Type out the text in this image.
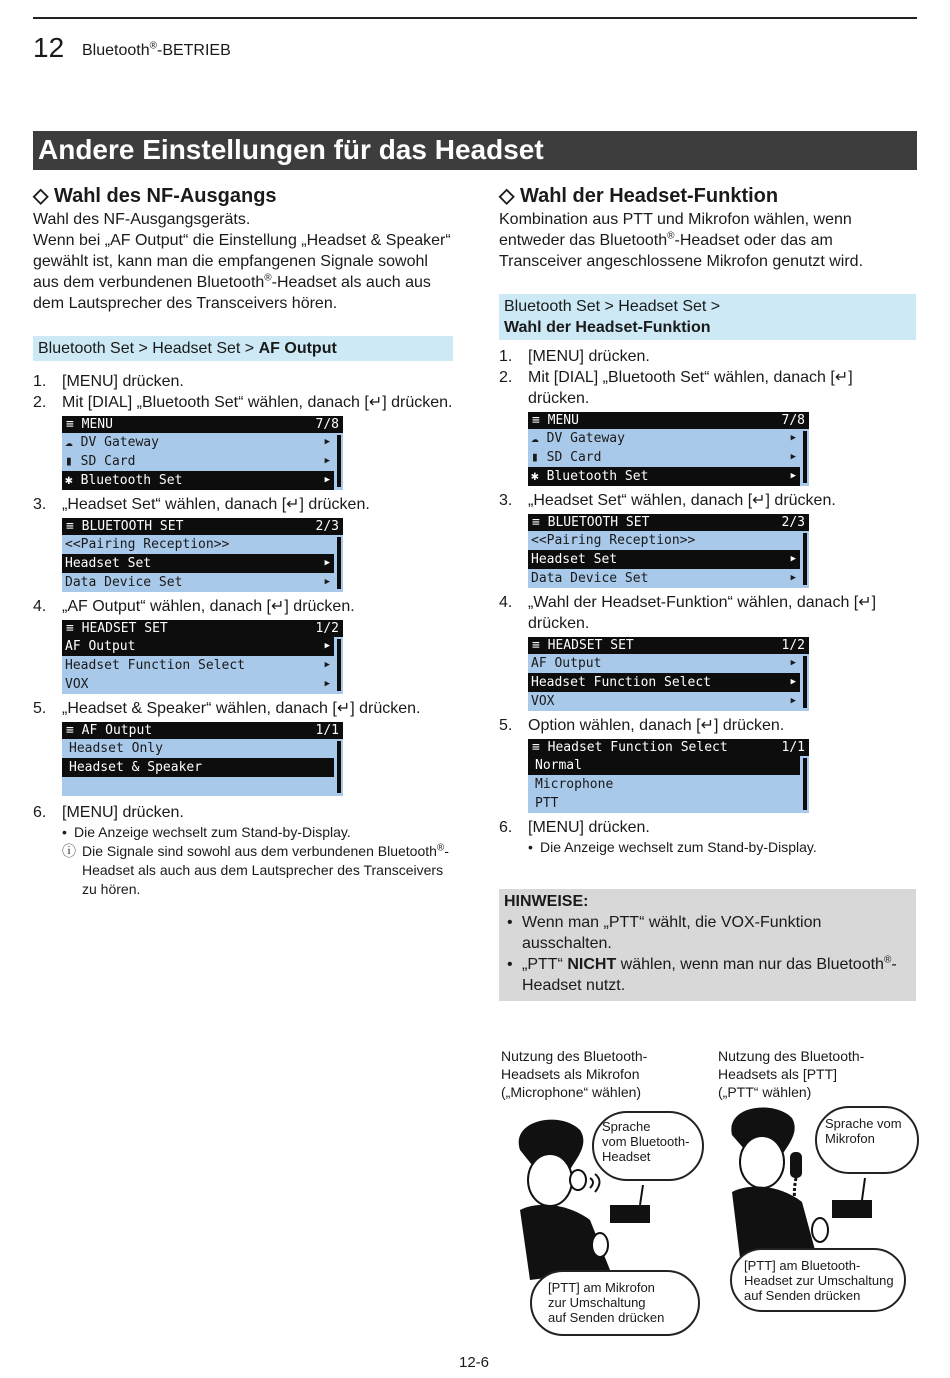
12 Bluetooth®-BETRIEB
Andere Einstellungen für das Headset
◇ Wahl des NF-Ausgangs

Wahl des NF-Ausgangsgeräts.

Wenn bei „AF Output“ die Einstellung „Headset & Speaker“ gewählt ist, kann man die empfangenen Signale sowohl aus dem verbundenen Bluetooth®-Headset als auch aus dem Lautsprecher des Transceivers hören.

Bluetooth Set > Headset Set > AF Output
1. [MENU] drücken.
2. Mit [DIAL] „Bluetooth Set“ wählen, danach [↵] drücken.
≡ MENU	7/8
☁ DV Gateway	▶
▮ SD Card	▶
✱ Bluetooth Set	▶
3. „Headset Set“ wählen, danach [↵] drücken.
≡ BLUETOOTH SET	2/3
<<Pairing Reception>>
Headset Set	▶
Data Device Set	▶
4. „AF Output“ wählen, danach [↵] drücken.
≡ HEADSET SET	1/2
AF Output	▶
Headset Function Select	▶
VOX	▶
5. „Headset & Speaker“ wählen, danach [↵] drücken.
≡ AF Output	1/1
Headset Only
Headset & Speaker
6. [MENU] drücken.
• Die Anzeige wechselt zum Stand-by-Display.
ⓘ Die Signale sind sowohl aus dem verbundenen Bluetooth®-Headset als auch aus dem Lautsprecher des Transceivers zu hören.
◇ Wahl der Headset-Funktion

Kombination aus PTT und Mikrofon wählen, wenn entweder das Bluetooth®-Headset oder das am Transceiver angeschlossene Mikrofon genutzt wird.

Bluetooth Set > Headset Set >
Wahl der Headset-Funktion
1. [MENU] drücken.
2. Mit [DIAL] „Bluetooth Set“ wählen, danach [↵] drücken.
≡ MENU	7/8
☁ DV Gateway	▶
▮ SD Card	▶
✱ Bluetooth Set	▶
3. „Headset Set“ wählen, danach [↵] drücken.
≡ BLUETOOTH SET	2/3
<<Pairing Reception>>
Headset Set	▶
Data Device Set	▶
4. „Wahl der Headset-Funktion“ wählen, danach [↵] drücken.
≡ HEADSET SET	1/2
AF Output	▶
Headset Function Select	▶
VOX	▶
5. Option wählen, danach [↵] drücken.
≡ Headset Function Select	1/1
Normal
Microphone
PTT
6. [MENU] drücken.
• Die Anzeige wechselt zum Stand-by-Display.
HINWEISE:
• Wenn man „PTT“ wählt, die VOX-Funktion ausschalten.
• „PTT“ NICHT wählen, wenn man nur das Bluetooth®-Headset nutzt.
Nutzung des Bluetooth-
Headsets als Mikrofon
(„Microphone“ wählen)
Sprache
vom Bluetooth-
Headset
[PTT] am Mikrofon
zur Umschaltung
auf Senden drücken
Nutzung des Bluetooth-
Headsets als [PTT]
(„PTT“ wählen)
Sprache vom
Mikrofon
[PTT] am Bluetooth-
Headset zur Umschaltung
auf Senden drücken
12-6
